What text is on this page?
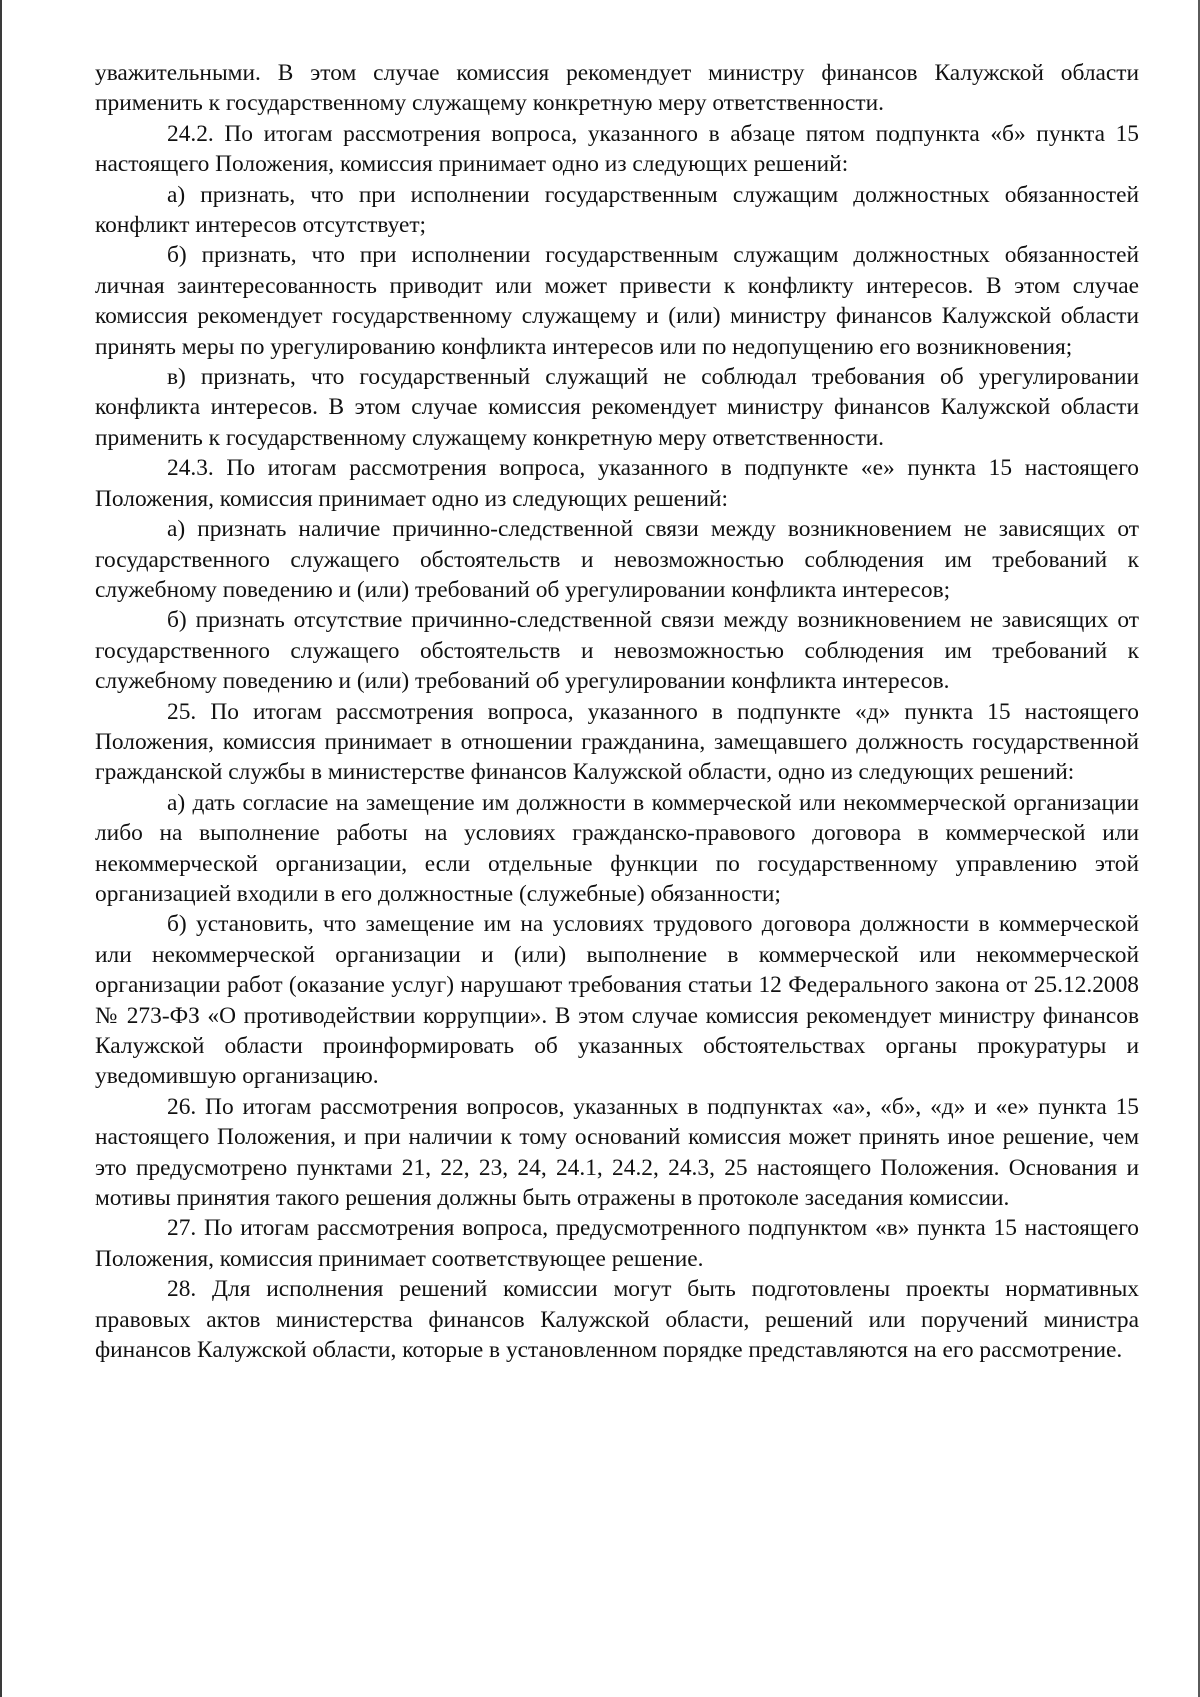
уважительными. В этом случае комиссия рекомендует министру финансов Калужской области применить к государственному служащему конкретную меру ответственности.

24.2. По итогам рассмотрения вопроса, указанного в абзаце пятом подпункта «б» пункта 15 настоящего Положения, комиссия принимает одно из следующих решений:

а) признать, что при исполнении государственным служащим должностных обязанностей конфликт интересов отсутствует;

б) признать, что при исполнении государственным служащим должностных обязанностей личная заинтересованность приводит или может привести к конфликту интересов. В этом случае комиссия рекомендует государственному служащему и (или) министру финансов Калужской области принять меры по урегулированию конфликта интересов или по недопущению его возникновения;

в) признать, что государственный служащий не соблюдал требования об урегулировании конфликта интересов. В этом случае комиссия рекомендует министру финансов Калужской области применить к государственному служащему конкретную меру ответственности.

24.3. По итогам рассмотрения вопроса, указанного в подпункте «е» пункта 15 настоящего Положения, комиссия принимает одно из следующих решений:

а) признать наличие причинно-следственной связи между возникновением не зависящих от государственного служащего обстоятельств и невозможностью соблюдения им требований к служебному поведению и (или) требований об урегулировании конфликта интересов;

б) признать отсутствие причинно-следственной связи между возникновением не зависящих от государственного служащего обстоятельств и невозможностью соблюдения им требований к служебному поведению и (или) требований об урегулировании конфликта интересов.

25. По итогам рассмотрения вопроса, указанного в подпункте «д» пункта 15 настоящего Положения, комиссия принимает в отношении гражданина, замещавшего должность государственной гражданской службы в министерстве финансов Калужской области, одно из следующих решений:

а) дать согласие на замещение им должности в коммерческой или некоммерческой организации либо на выполнение работы на условиях гражданско-правового договора в коммерческой или некоммерческой организации, если отдельные функции по государственному управлению этой организацией входили в его должностные (служебные) обязанности;

б) установить, что замещение им на условиях трудового договора должности в коммерческой или некоммерческой организации и (или) выполнение в коммерческой или некоммерческой организации работ (оказание услуг) нарушают требования статьи 12 Федерального закона от 25.12.2008 № 273-ФЗ «О противодействии коррупции». В этом случае комиссия рекомендует министру финансов Калужской области проинформировать об указанных обстоятельствах органы прокуратуры и уведомившую организацию.

26. По итогам рассмотрения вопросов, указанных в подпунктах «а», «б», «д» и «е» пункта 15 настоящего Положения, и при наличии к тому оснований комиссия может принять иное решение, чем это предусмотрено пунктами 21, 22, 23, 24, 24.1, 24.2, 24.3, 25 настоящего Положения. Основания и мотивы принятия такого решения должны быть отражены в протоколе заседания комиссии.

27. По итогам рассмотрения вопроса, предусмотренного подпунктом «в» пункта 15 настоящего Положения, комиссия принимает соответствующее решение.

28. Для исполнения решений комиссии могут быть подготовлены проекты нормативных правовых актов министерства финансов Калужской области, решений или поручений министра финансов Калужской области, которые в установленном порядке представляются на его рассмотрение.
